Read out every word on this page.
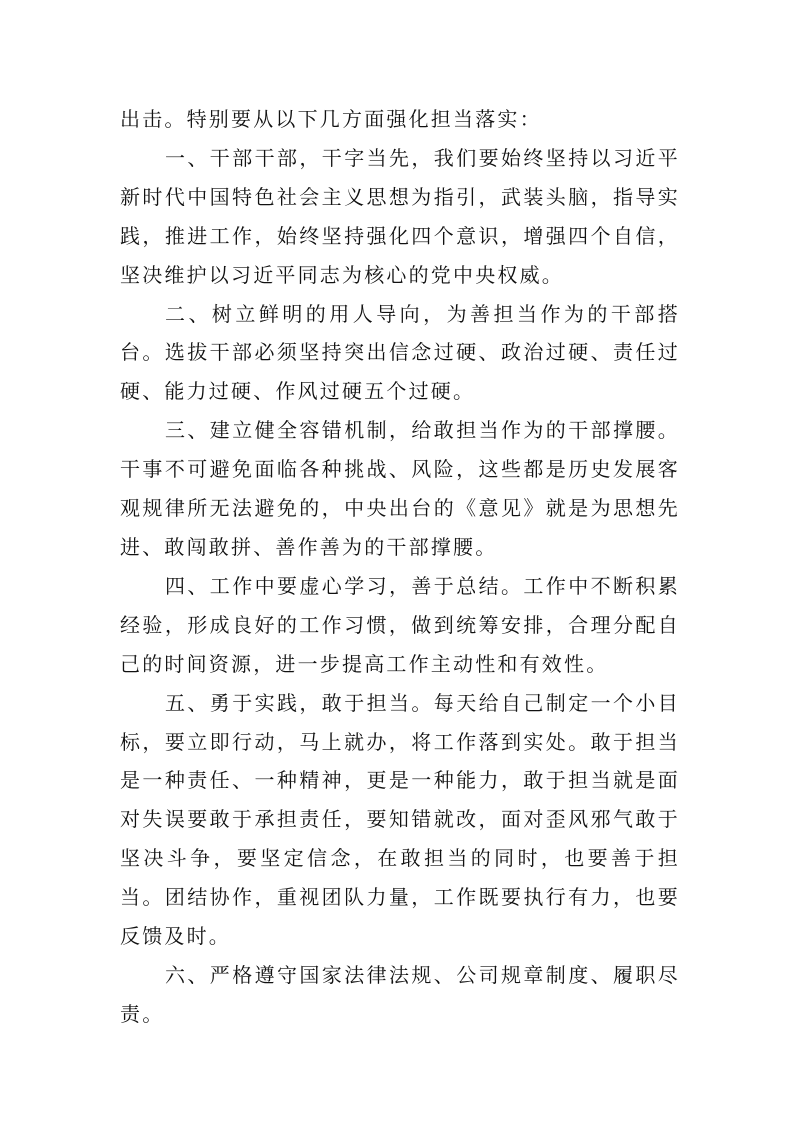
出击。特别要从以下几方面强化担当落实：

一、干部干部，干字当先，我们要始终坚持以习近平新时代中国特色社会主义思想为指引，武装头脑，指导实践，推进工作，始终坚持强化四个意识，增强四个自信，坚决维护以习近平同志为核心的党中央权威。

二、树立鲜明的用人导向，为善担当作为的干部搭台。选拔干部必须坚持突出信念过硬、政治过硬、责任过硬、能力过硬、作风过硬五个过硬。

三、建立健全容错机制，给敢担当作为的干部撑腰。干事不可避免面临各种挑战、风险，这些都是历史发展客观规律所无法避免的，中央出台的《意见》就是为思想先进、敢闯敢拼、善作善为的干部撑腰。

四、工作中要虚心学习，善于总结。工作中不断积累经验，形成良好的工作习惯，做到统筹安排，合理分配自己的时间资源，进一步提高工作主动性和有效性。

五、勇于实践，敢于担当。每天给自己制定一个小目标，要立即行动，马上就办，将工作落到实处。敢于担当是一种责任、一种精神，更是一种能力，敢于担当就是面对失误要敢于承担责任，要知错就改，面对歪风邪气敢于坚决斗争，要坚定信念，在敢担当的同时，也要善于担当。团结协作，重视团队力量，工作既要执行有力，也要反馈及时。

六、严格遵守国家法律法规、公司规章制度、履职尽责。
